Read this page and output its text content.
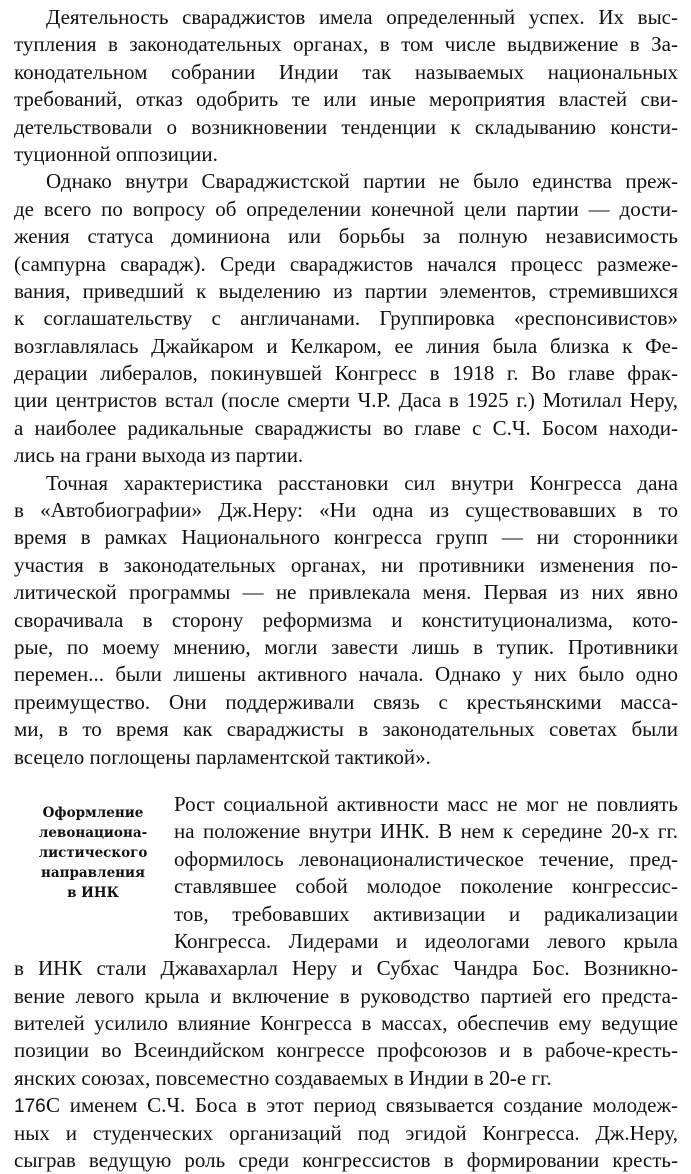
Деятельность свараджистов имела определенный успех. Их выс-
тупления в законодательных органах, в том числе выдвижение в За-
конодательном собрании Индии так называемых национальных
требований, отказ одобрить те или иные мероприятия властей сви-
детельствовали о возникновении тенденции к складыванию консти-
туционной оппозиции.
Однако внутри Свараджистской партии не было единства преж-
де всего по вопросу об определении конечной цели партии — дости-
жения статуса доминиона или борьбы за полную независимость
(сампурна сварадж). Среди свараджистов начался процесс размеже-
вания, приведший к выделению из партии элементов, стремившихся
к соглашательству с англичанами. Группировка «респонсивистов»
возглавлялась Джайкаром и Келкаром, ее линия была близка к Фе-
дерации либералов, покинувшей Конгресс в 1918 г. Во главе фрак-
ции центристов встал (после смерти Ч.Р. Даса в 1925 г.) Мотилал Неру,
а наиболее радикальные свараджисты во главе с С.Ч. Босом находи-
лись на грани выхода из партии.
Точная характеристика расстановки сил внутри Конгресса дана
в «Автобиографии» Дж.Неру: «Ни одна из существовавших в то
время в рамках Национального конгресса групп — ни сторонники
участия в законодательных органах, ни противники изменения по-
литической программы — не привлекала меня. Первая из них явно
сворачивала в сторону реформизма и конституционализма, кото-
рые, по моему мнению, могли завести лишь в тупик. Противники
перемен... были лишены активного начала. Однако у них было одно
преимущество. Они поддерживали связь с крестьянскими масса-
ми, в то время как свараджисты в законодательных советах были
всецело поглощены парламентской тактикой».
Оформление
левонациона-
листического
направления
в ИНК
Рост социальной активности масс не мог не повлиять
на положение внутри ИНК. В нем к середине 20-х гг.
оформилось левонационалистическое течение, пред-
ставлявшее собой молодое поколение конгрессис-
тов, требовавших активизации и радикализации
Конгресса. Лидерами и идеологами левого крыла
в ИНК стали Джавахарлал Неру и Субхас Чандра Бос. Возникно-
вение левого крыла и включение в руководство партией его предста-
вителей усилило влияние Конгресса в массах, обеспечив ему ведущие
позиции во Всеиндийском конгрессе профсоюзов и в рабоче-кресть-
янских союзах, повсеместно создаваемых в Индии в 20-е гг.
С именем С.Ч. Боса в этот период связывается создание молодеж-
ных и студенческих организаций под эгидой Конгресса. Дж.Неру,
сыграв ведущую роль среди конгрессистов в формировании кресть-
176
